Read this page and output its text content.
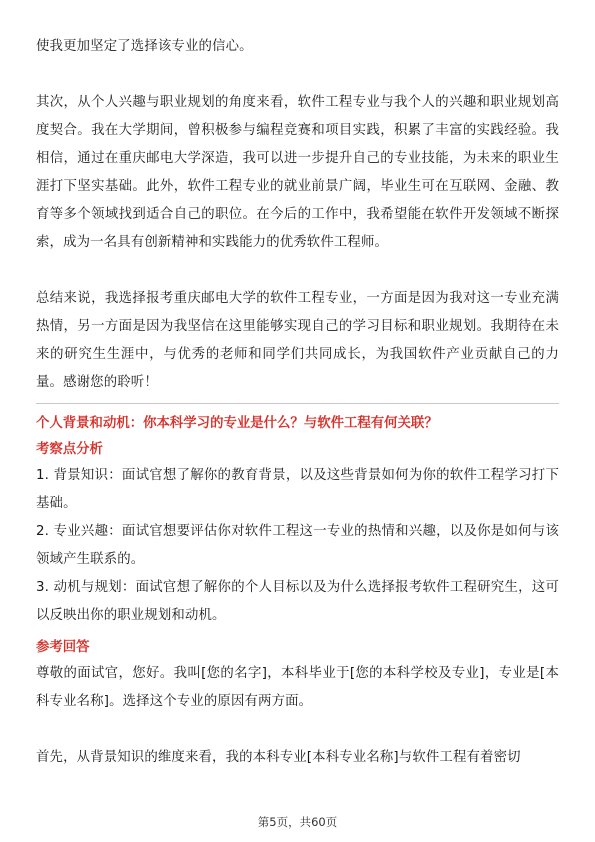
使我更加坚定了选择该专业的信心。

其次，从个人兴趣与职业规划的角度来看，软件工程专业与我个人的兴趣和职业规划高度契合。我在大学期间，曾积极参与编程竞赛和项目实践，积累了丰富的实践经验。我相信，通过在重庆邮电大学深造，我可以进一步提升自己的专业技能，为未来的职业生涯打下坚实基础。此外，软件工程专业的就业前景广阔，毕业生可在互联网、金融、教育等多个领域找到适合自己的职位。在今后的工作中，我希望能在软件开发领域不断探索，成为一名具有创新精神和实践能力的优秀软件工程师。

总结来说，我选择报考重庆邮电大学的软件工程专业，一方面是因为我对这一专业充满热情，另一方面是因为我坚信在这里能够实现自己的学习目标和职业规划。我期待在未来的研究生生涯中，与优秀的老师和同学们共同成长，为我国软件产业贡献自己的力量。感谢您的聆听！

个人背景和动机：你本科学习的专业是什么？与软件工程有何关联？
考察点分析

1. 背景知识：面试官想了解你的教育背景，以及这些背景如何为你的软件工程学习打下基础。

2. 专业兴趣：面试官想要评估你对软件工程这一专业的热情和兴趣，以及你是如何与该领域产生联系的。

3. 动机与规划：面试官想了解你的个人目标以及为什么选择报考软件工程研究生，这可以反映出你的职业规划和动机。

参考回答

尊敬的面试官，您好。我叫[您的名字]，本科毕业于[您的本科学校及专业]，专业是[本科专业名称]。选择这个专业的原因有两方面。

首先，从背景知识的维度来看，我的本科专业[本科专业名称]与软件工程有着密切

第5页，共60页
